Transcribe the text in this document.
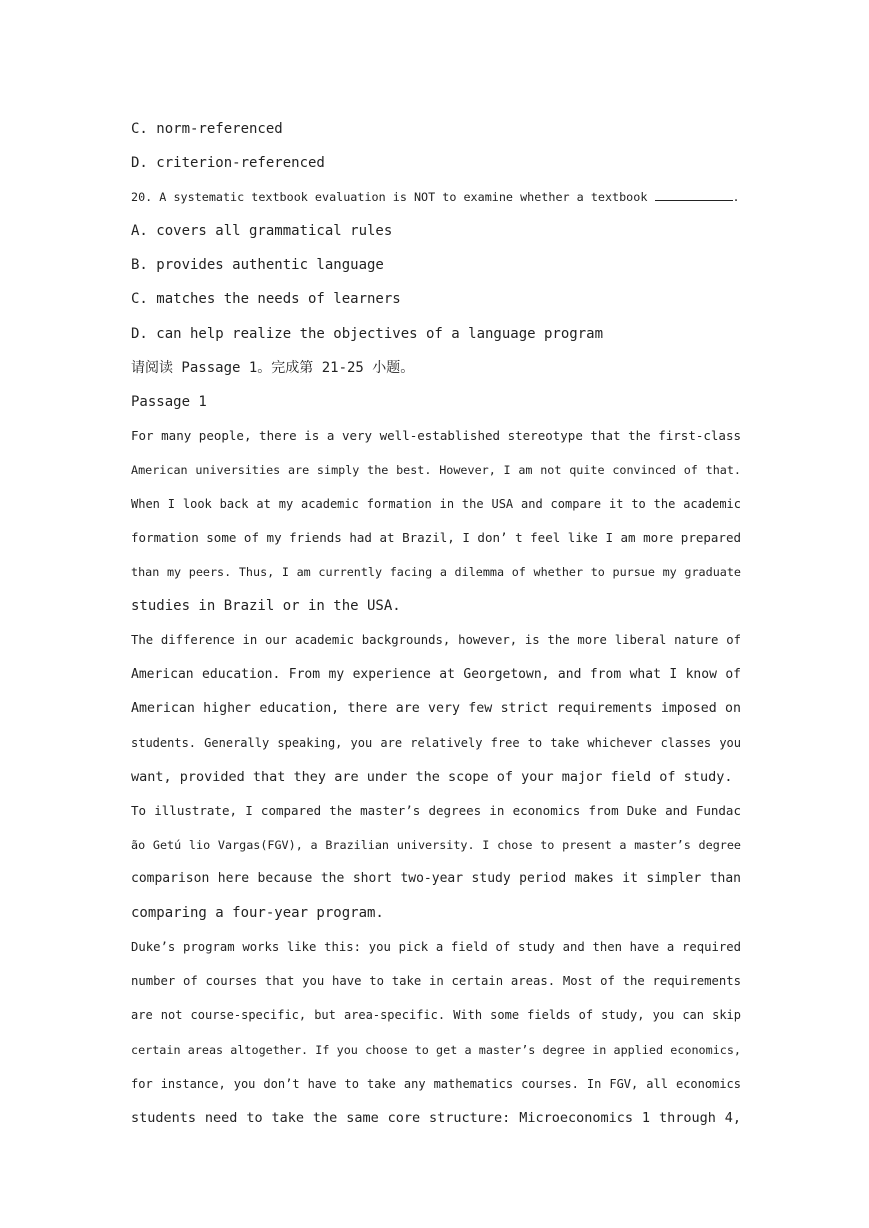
C. norm-referenced
D. criterion-referenced
20. A systematic textbook evaluation is NOT to examine whether a textbook	.
A. covers all grammatical rules
B. provides authentic language
C. matches the needs of learners
D. can help realize the objectives of a language program
请阅读 Passage 1。完成第 21-25 小题。
Passage 1
For many people, there is a very well-established stereotype that the first-class
American universities are simply the best. However, I am not quite convinced of that.
When I look back at my academic formation in the USA and compare it to the academic
formation some of my friends had at Brazil, I don’ t feel like I am more prepared
than my peers. Thus, I am currently facing a dilemma of whether to pursue my graduate
studies in Brazil or in the USA.
The difference in our academic backgrounds, however, is the more liberal nature of
American education. From my experience at Georgetown, and from what I know of
American higher education, there are very few strict requirements imposed on
students. Generally speaking, you are relatively free to take whichever classes you
want, provided that they are under the scope of your major field of study.
To illustrate, I compared the master’s degrees in economics from Duke and Fundac
ão Getú lio Vargas(FGV), a Brazilian university. I chose to present a master’s degree
comparison here because the short two-year study period makes it simpler than
comparing a four-year program.
Duke’s program works like this: you pick a field of study and then have a required
number of courses that you have to take in certain areas. Most of the requirements
are not course-specific, but area-specific. With some fields of study, you can skip
certain areas altogether. If you choose to get a master’s degree in applied economics,
for instance, you don’t have to take any mathematics courses. In FGV, all economics
students need to take the same core structure: Microeconomics 1 through 4,
